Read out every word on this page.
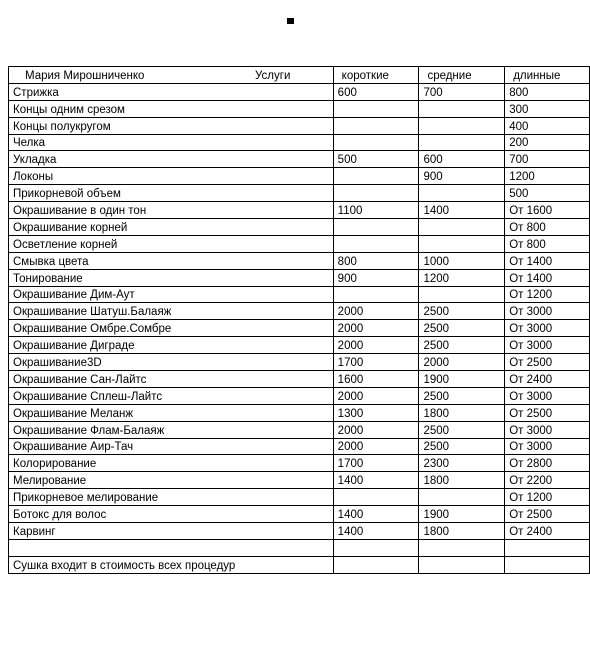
Мария Мирошниченко Услуги	короткие	средние	длинные
Стрижка	600	700	800
Концы одним срезом			300
Концы полукругом			400
Челка			200
Укладка	500	600	700
Локоны		900	1200
Прикорневой объем			500
Окрашивание в один тон	1100	1400	От 1600
Окрашивание корней			От 800
Осветление корней			От 800
Смывка цвета	800	1000	От 1400
Тонирование	900	1200	От 1400
Окрашивание Дим-Аут			От 1200
Окрашивание Шатуш.Балаяж	2000	2500	От 3000
Окрашивание Омбре.Сомбре	2000	2500	От 3000
Окрашивание Диграде	2000	2500	От 3000
Окрашивание3D	1700	2000	От 2500
Окрашивание Сан-Лайтс	1600	1900	От 2400
Окрашивание Сплеш-Лайтс	2000	2500	От 3000
Окрашивание Меланж	1300	1800	От 2500
Окрашивание Флам-Балаяж	2000	2500	От 3000
Окрашивание Аир-Тач	2000	2500	От 3000
Колорирование	1700	2300	От 2800
Мелирование	1400	1800	От 2200
Прикорневое мелирование			От 1200
Ботокс для волос	1400	1900	От 2500
Карвинг	1400	1800	От 2400

Сушка входит в стоимость всех процедур			
